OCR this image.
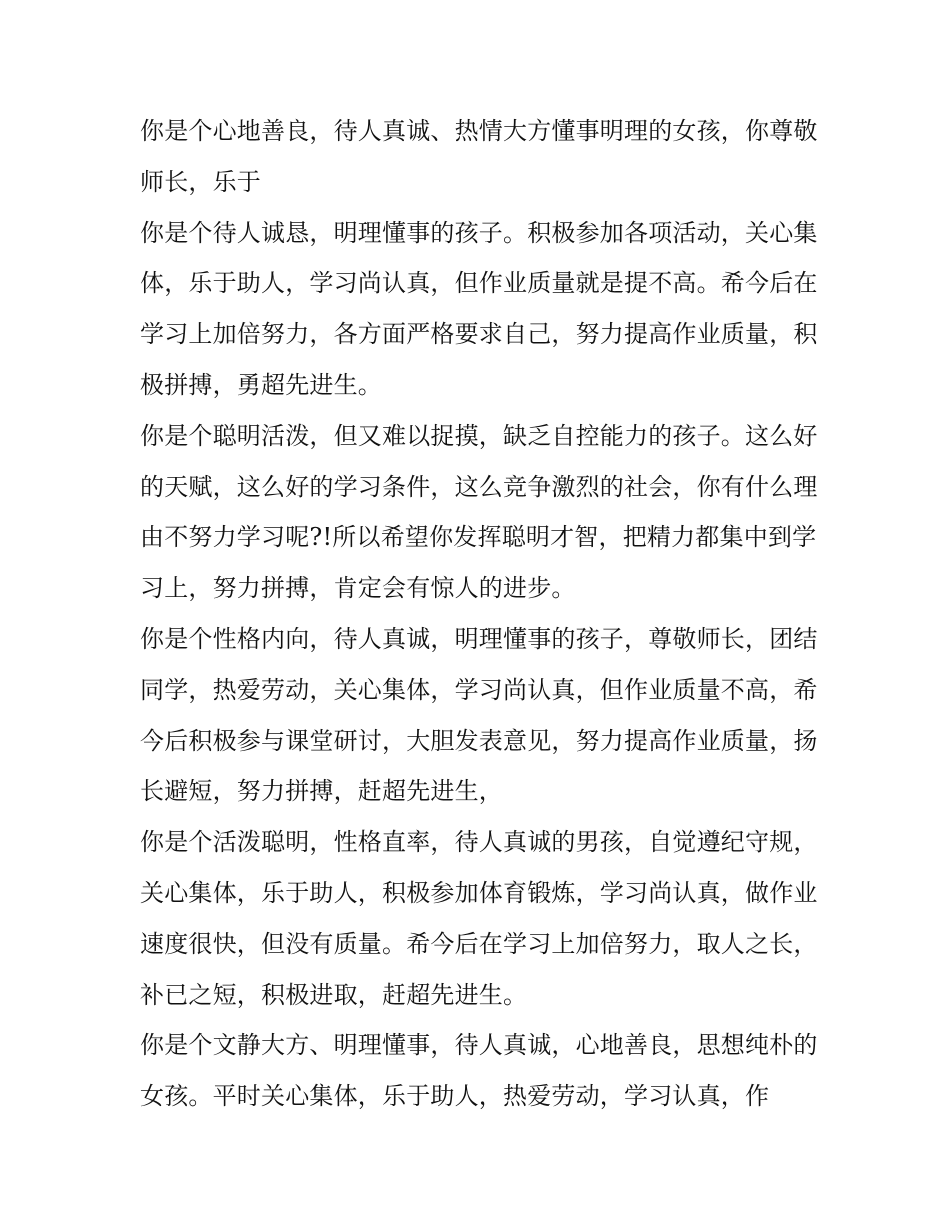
你是个心地善良，待人真诚、热情大方懂事明理的女孩，你尊敬师长，乐于

你是个待人诚恳，明理懂事的孩子。积极参加各项活动，关心集体，乐于助人，学习尚认真，但作业质量就是提不高。希今后在学习上加倍努力，各方面严格要求自己，努力提高作业质量，积极拼搏，勇超先进生。

你是个聪明活泼，但又难以捉摸，缺乏自控能力的孩子。这么好的天赋，这么好的学习条件，这么竞争激烈的社会，你有什么理由不努力学习呢?!所以希望你发挥聪明才智，把精力都集中到学习上，努力拼搏，肯定会有惊人的进步。

你是个性格内向，待人真诚，明理懂事的孩子，尊敬师长，团结同学，热爱劳动，关心集体，学习尚认真，但作业质量不高，希今后积极参与课堂研讨，大胆发表意见，努力提高作业质量，扬长避短，努力拼搏，赶超先进生，

你是个活泼聪明，性格直率，待人真诚的男孩，自觉遵纪守规，关心集体，乐于助人，积极参加体育锻炼，学习尚认真，做作业速度很快，但没有质量。希今后在学习上加倍努力，取人之长，补已之短，积极进取，赶超先进生。

你是个文静大方、明理懂事，待人真诚，心地善良，思想纯朴的女孩。平时关心集体，乐于助人，热爱劳动，学习认真，作
